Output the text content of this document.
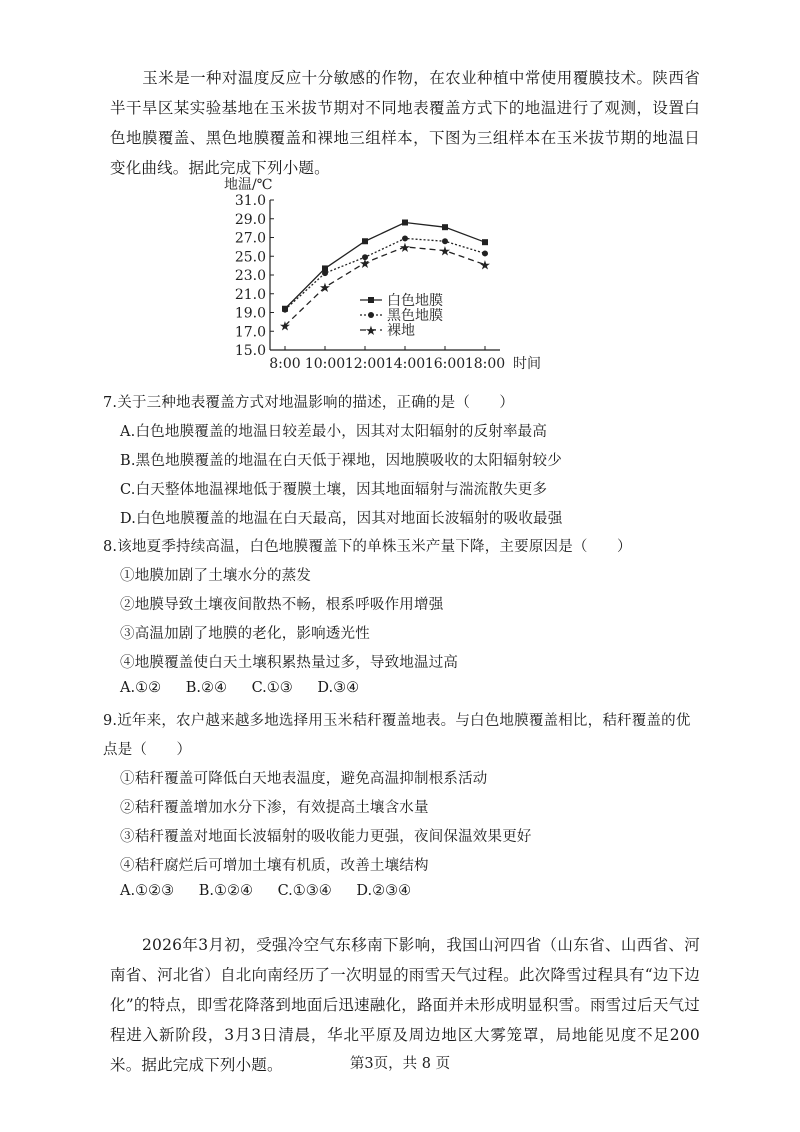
玉米是一种对温度反应十分敏感的作物，在农业种植中常使用覆膜技术。陕西省半干旱区某实验基地在玉米拔节期对不同地表覆盖方式下的地温进行了观测，设置白色地膜覆盖、黑色地膜覆盖和裸地三组样本，下图为三组样本在玉米拔节期的地温日变化曲线。据此完成下列小题。
地温/℃
31.0
29.0
27.0
25.0
23.0
21.0
19.0
17.0
15.0
8:00 10:00 12:00 14:00 16:00 18:00 时间
白色地膜
黑色地膜
★
★
★
★ ★
★
★ 裸地
7.关于三种地表覆盖方式对地温影响的描述，正确的是（　　）
A.白色地膜覆盖的地温日较差最小，因其对太阳辐射的反射率最高
B.黑色地膜覆盖的地温在白天低于裸地，因地膜吸收的太阳辐射较少
C.白天整体地温裸地低于覆膜土壤，因其地面辐射与湍流散失更多
D.白色地膜覆盖的地温在白天最高，因其对地面长波辐射的吸收最强
8.该地夏季持续高温，白色地膜覆盖下的单株玉米产量下降，主要原因是（　　）
①地膜加剧了土壤水分的蒸发
②地膜导致土壤夜间散热不畅，根系呼吸作用增强
③高温加剧了地膜的老化，影响透光性
④地膜覆盖使白天土壤积累热量过多，导致地温过高
A.①② B.②④ C.①③ D.③④
9.近年来，农户越来越多地选择用玉米秸秆覆盖地表。与白色地膜覆盖相比，秸秆覆盖的优
点是（　　）
①秸秆覆盖可降低白天地表温度，避免高温抑制根系活动
②秸秆覆盖增加水分下渗，有效提高土壤含水量
③秸秆覆盖对地面长波辐射的吸收能力更强，夜间保温效果更好
④秸秆腐烂后可增加土壤有机质，改善土壤结构
A.①②③ B.①②④ C.①③④ D.②③④
2026年3月初，受强冷空气东移南下影响，我国山河四省（山东省、山西省、河南省、河北省）自北向南经历了一次明显的雨雪天气过程。此次降雪过程具有“边下边化”的特点，即雪花降落到地面后迅速融化，路面并未形成明显积雪。雨雪过后天气过程进入新阶段，3月3日清晨，华北平原及周边地区大雾笼罩，局地能见度不足200米。据此完成下列小题。	第3页，共 8 页
